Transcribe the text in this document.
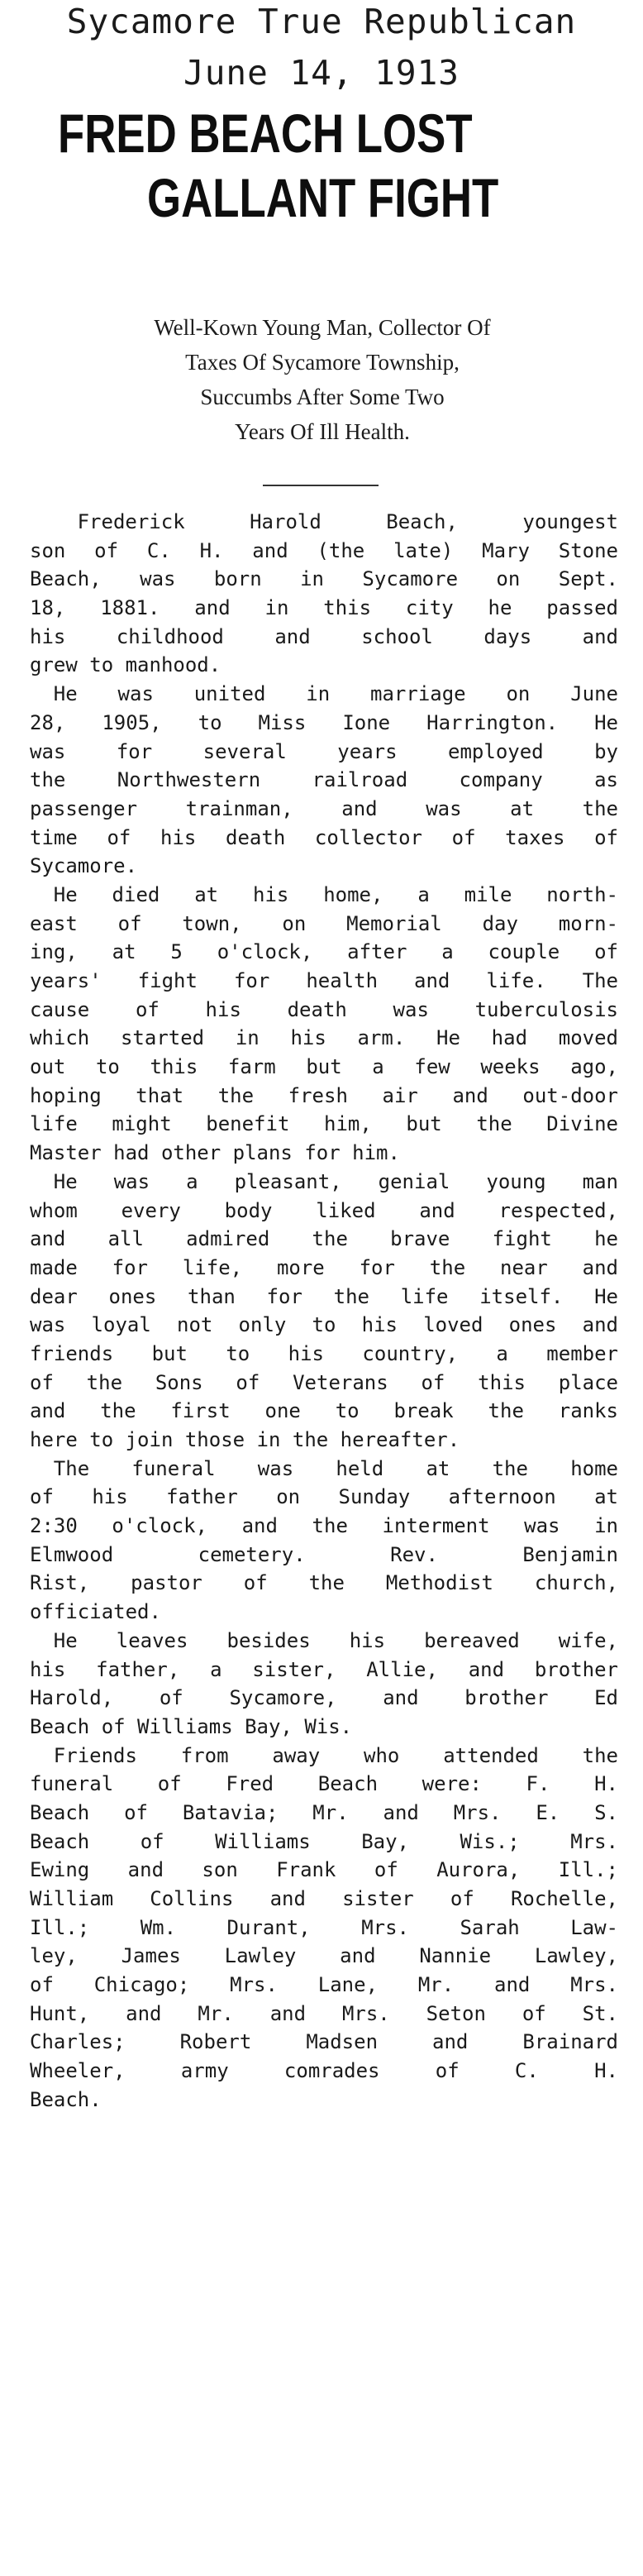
Sycamore True Republican
June 14, 1913
FRED BEACH LOST
GALLANT FIGHT
Well-Kown Young Man, Collector Of
Taxes Of Sycamore Township,
Succumbs After Some Two
Years Of Ill Health.
Frederick Harold Beach, youngest
son of C. H. and (the late) Mary Stone
Beach, was born in Sycamore on Sept.
18, 1881. and in this city he passed
his childhood and school days and
grew to manhood.
He was united in marriage on June
28, 1905, to Miss Ione Harrington. He
was for several years employed by
the Northwestern railroad company as
passenger trainman, and was at the
time of his death collector of taxes of
Sycamore.
He died at his home, a mile north-
east of town, on Memorial day morn-
ing, at 5 o'clock, after a couple of
years' fight for health and life. The
cause of his death was tuberculosis
which started in his arm. He had moved
out to this farm but a few weeks ago,
hoping that the fresh air and out-door
life might benefit him, but the Divine
Master had other plans for him.
He was a pleasant, genial young man
whom every body liked and respected,
and all admired the brave fight he
made for life, more for the near and
dear ones than for the life itself. He
was loyal not only to his loved ones and
friends but to his country, a member
of the Sons of Veterans of this place
and the first one to break the ranks
here to join those in the hereafter.
The funeral was held at the home
of his father on Sunday afternoon at
2:30 o'clock, and the interment was in
Elmwood cemetery. Rev. Benjamin
Rist, pastor of the Methodist church,
officiated.
He leaves besides his bereaved wife,
his father, a sister, Allie, and brother
Harold, of Sycamore, and brother Ed
Beach of Williams Bay, Wis.
Friends from away who attended the
funeral of Fred Beach were: F. H.
Beach of Batavia; Mr. and Mrs. E. S.
Beach of Williams Bay, Wis.; Mrs.
Ewing and son Frank of Aurora, Ill.;
William Collins and sister of Rochelle,
Ill.; Wm. Durant, Mrs. Sarah Law-
ley, James Lawley and Nannie Lawley,
of Chicago; Mrs. Lane, Mr. and Mrs.
Hunt, and Mr. and Mrs. Seton of St.
Charles; Robert Madsen and Brainard
Wheeler, army comrades of C. H.
Beach.
